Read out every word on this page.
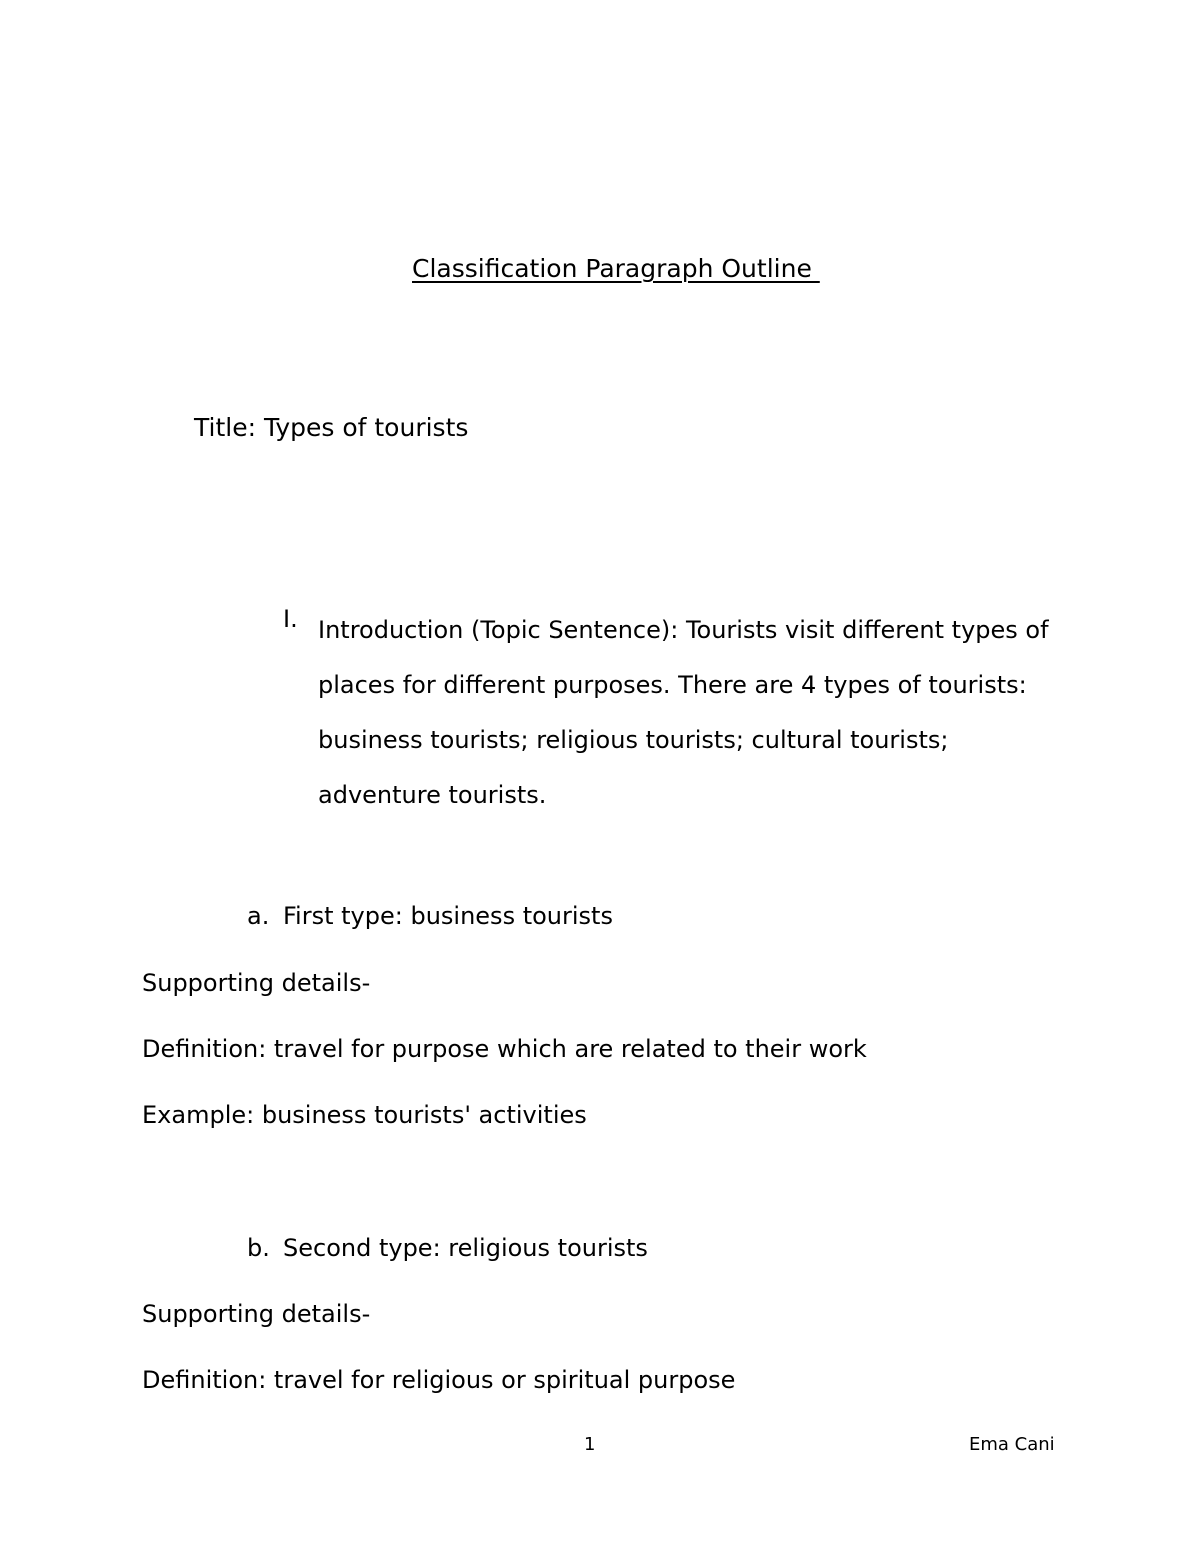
Classification Paragraph Outline

Title: Types of tourists
I. Introduction (Topic Sentence): Tourists visit different types of
places for different purposes. There are 4 types of tourists:
business tourists; religious tourists; cultural tourists;
adventure tourists.
a. First type: business tourists
Supporting details-
Definition: travel for purpose which are related to their work
Example: business tourists' activities
b. Second type: religious tourists
Supporting details-
Definition: travel for religious or spiritual purpose
1	Ema Cani
